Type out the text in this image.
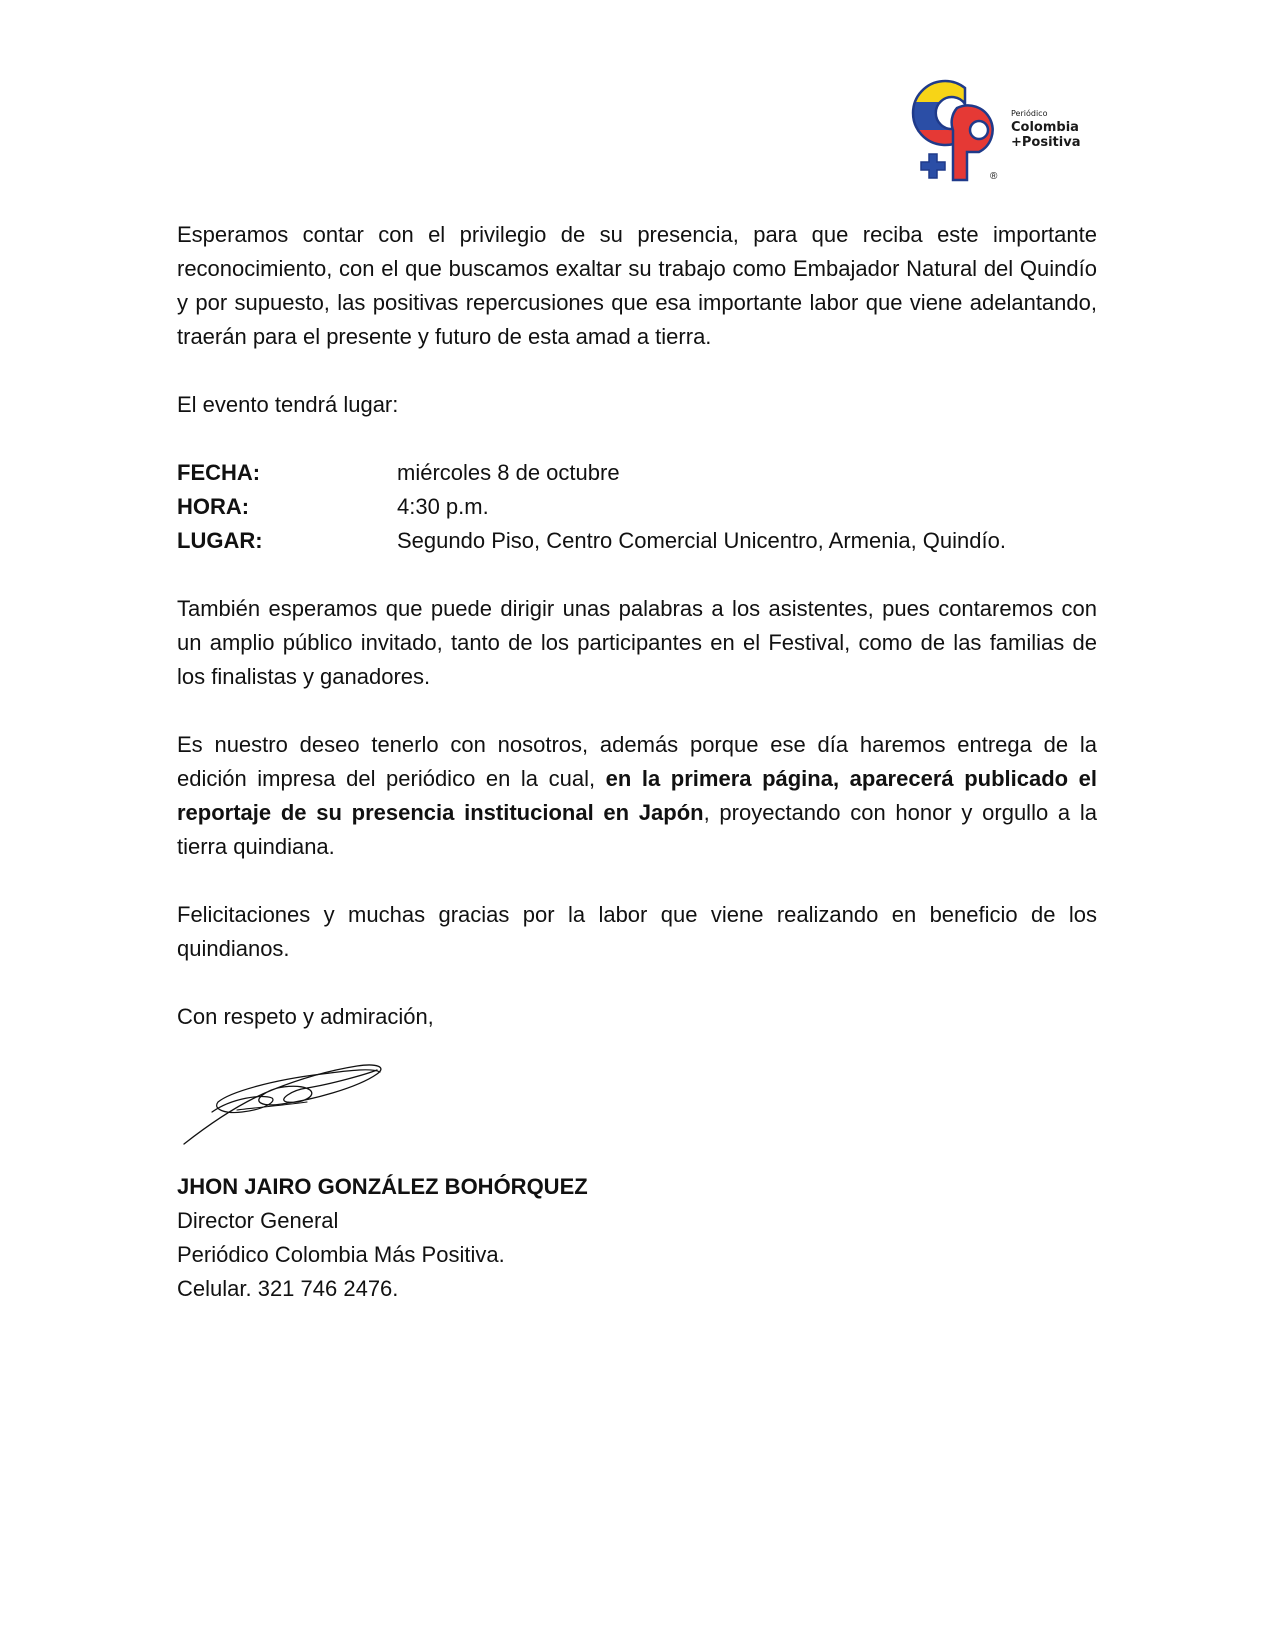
Periódico
Colombia
+Positiva
®

Esperamos contar con el privilegio de su presencia, para que reciba este importante reconocimiento, con el que buscamos exaltar su trabajo como Embajador Natural del Quindío y por supuesto, las positivas repercusiones que esa importante labor que viene adelantando, traerán para el presente y futuro de esta amad a tierra.

El evento tendrá lugar:

FECHA:	miércoles 8 de octubre
HORA:	4:30 p.m.
LUGAR:	Segundo Piso, Centro Comercial Unicentro, Armenia, Quindío.

También esperamos que puede dirigir unas palabras a los asistentes, pues contaremos con un amplio público invitado, tanto de los participantes en el Festival, como de las familias de los finalistas y ganadores.

Es nuestro deseo tenerlo con nosotros, además porque ese día haremos entrega de la edición impresa del periódico en la cual, en la primera página, aparecerá publicado el reportaje de su presencia institucional en Japón, proyectando con honor y orgullo a la tierra quindiana.

Felicitaciones y muchas gracias por la labor que viene realizando en beneficio de los quindianos.

Con respeto y admiración,

JHON JAIRO GONZÁLEZ BOHÓRQUEZ
Director General
Periódico Colombia Más Positiva.
Celular. 321 746 2476.
